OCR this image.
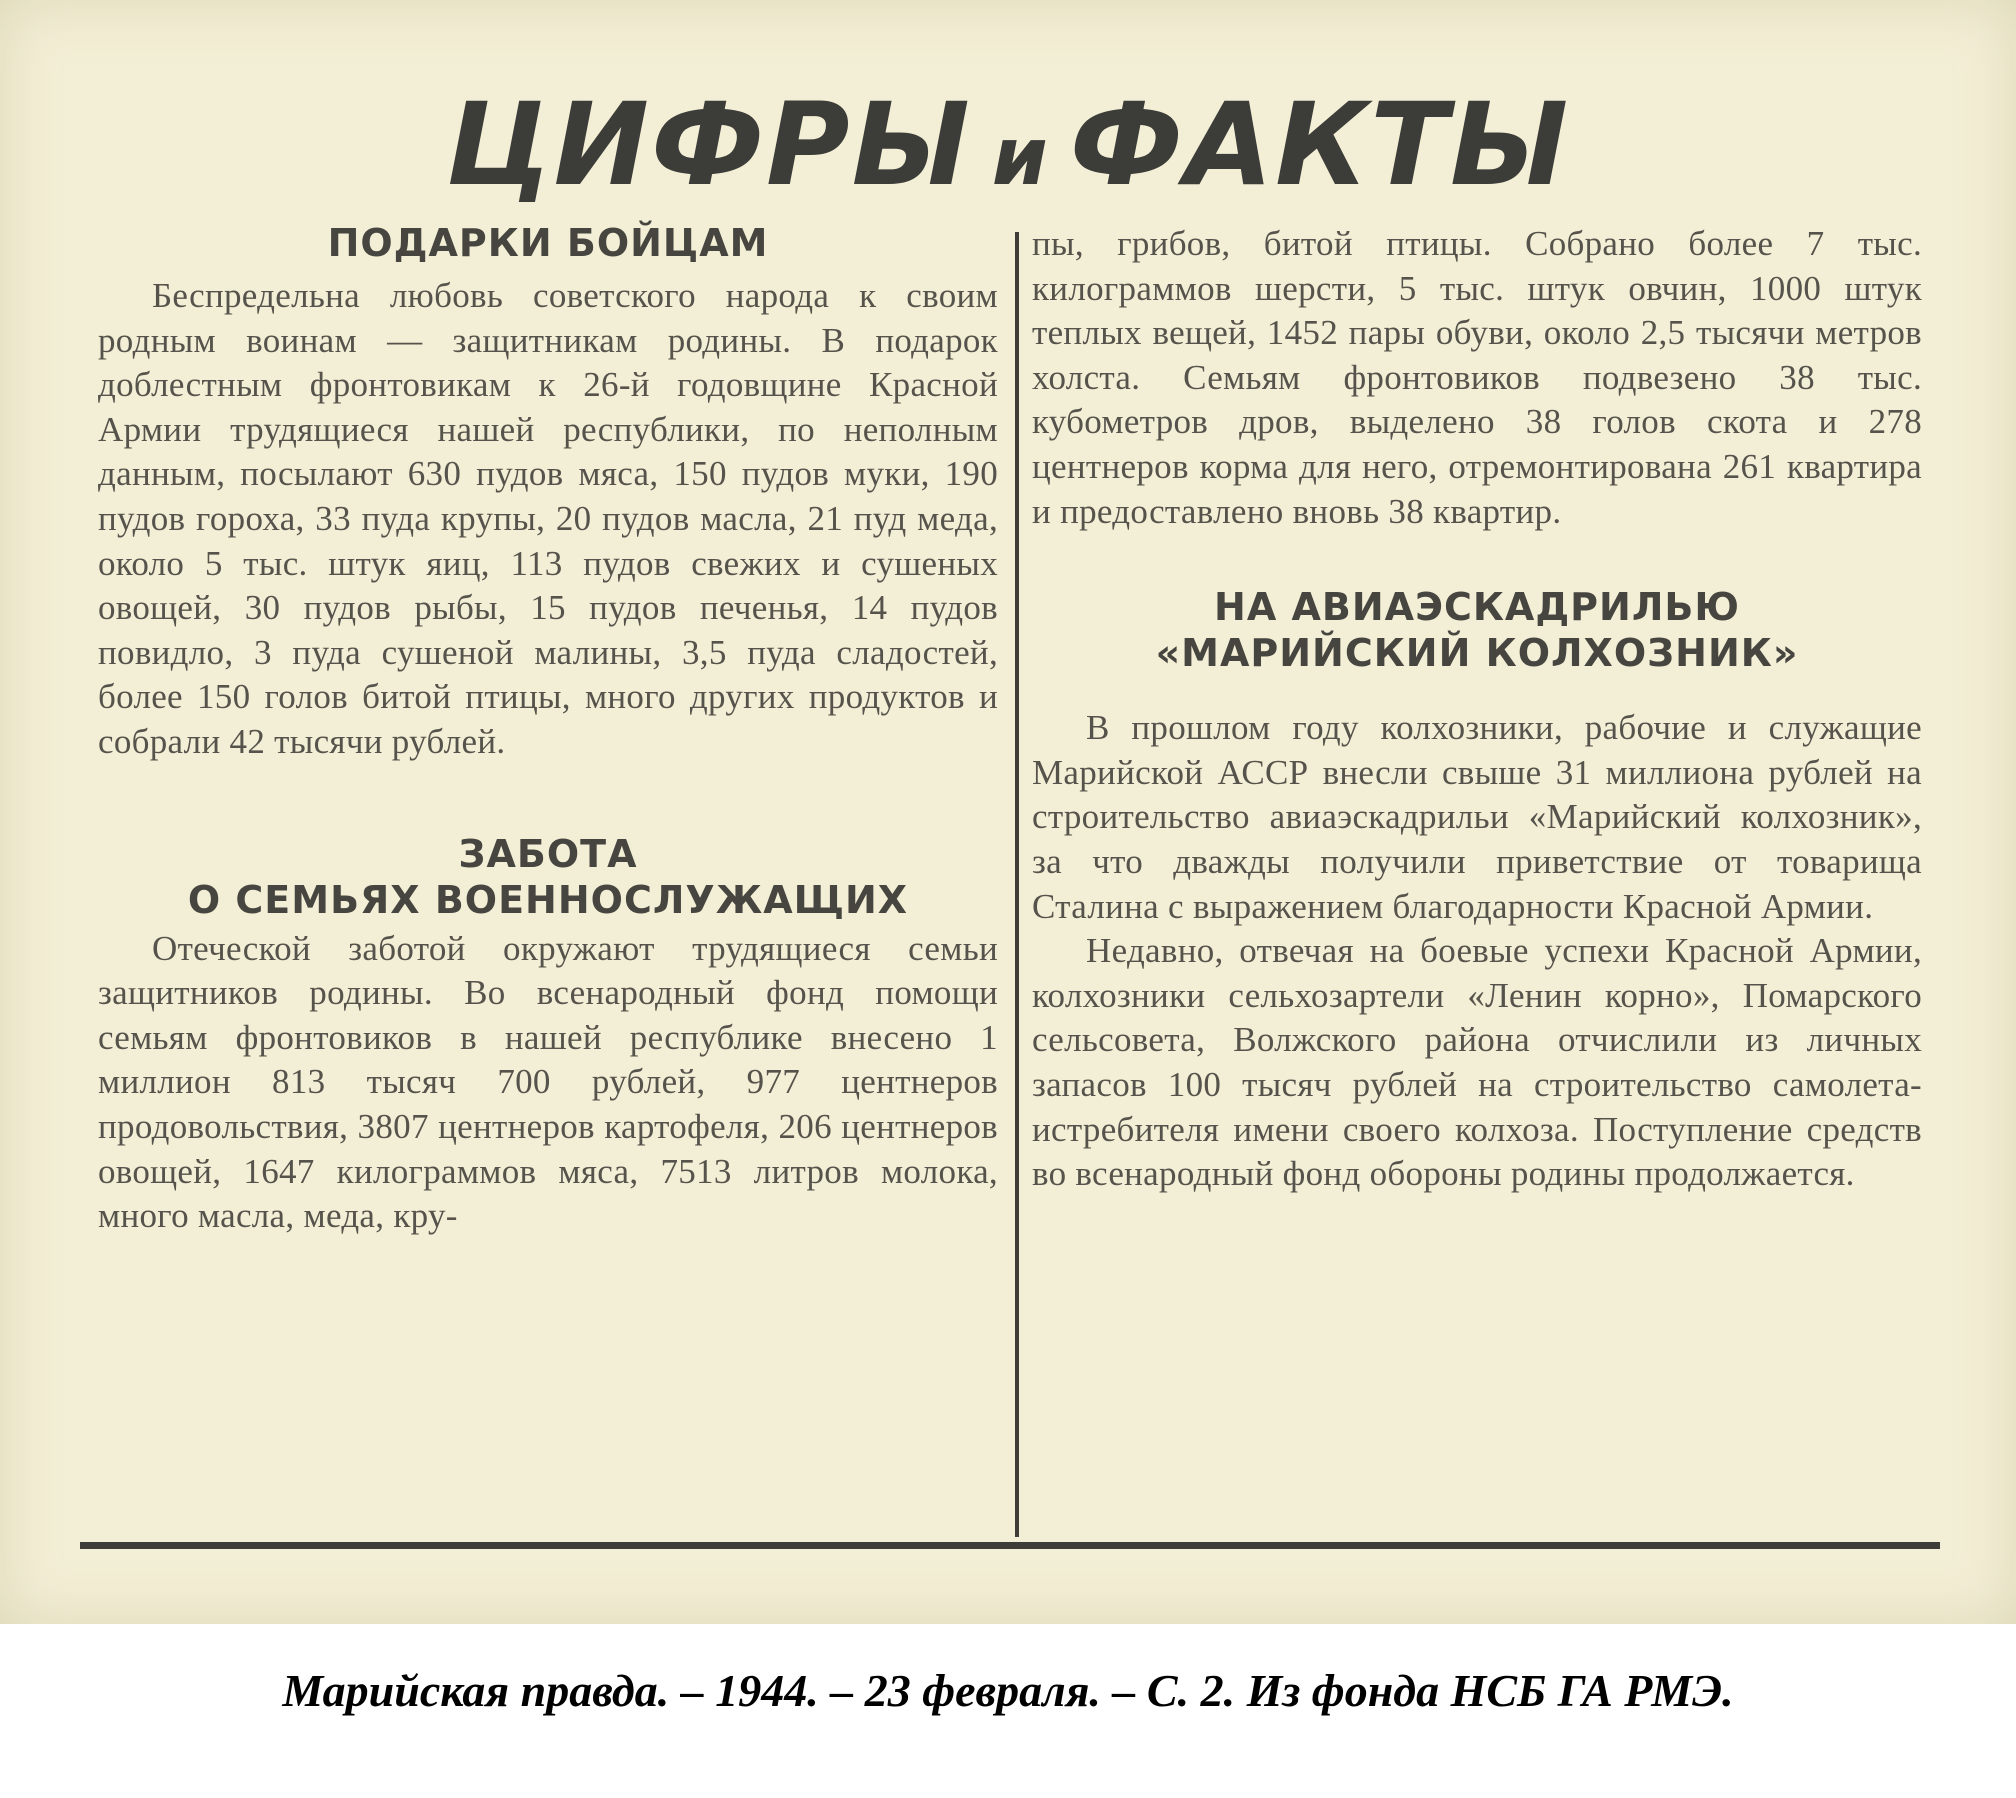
ЦИФРЫ и ФАКТЫ
ПОДАРКИ БОЙЦАМ

Беспредельна любовь советского народа к своим родным воинам — защитникам родины. В подарок доблестным фронтовикам к 26-й годовщине Красной Армии трудящиеся нашей республики, по неполным данным, посылают 630 пудов мяса, 150 пудов муки, 190 пудов гороха, 33 пуда крупы, 20 пудов масла, 21 пуд меда, около 5 тыс. штук яиц, 113 пудов свежих и сушеных овощей, 30 пудов рыбы, 15 пудов печенья, 14 пудов повидло, 3 пуда сушеной малины, 3,5 пуда сладостей, более 150 голов битой птицы, много других продуктов и собрали 42 тысячи рублей.

ЗАБОТА
О СЕМЬЯХ ВОЕННОСЛУЖАЩИХ

Отеческой заботой окружают трудящиеся семьи защитников родины. Во всенародный фонд помощи семьям фронтовиков в нашей республике внесено 1 миллион 813 тысяч 700 рублей, 977 центнеров продовольствия, 3807 центнеров картофеля, 206 центнеров овощей, 1647 килограммов мяса, 7513 литров молока, много масла, меда, кру-

пы, грибов, битой птицы. Собрано более 7 тыс. килограммов шерсти, 5 тыс. штук овчин, 1000 штук теплых вещей, 1452 пары обуви, около 2,5 тысячи метров холста. Семьям фронтовиков подвезено 38 тыс. кубометров дров, выделено 38 голов скота и 278 центнеров корма для него, отремонтирована 261 квартира и предоставлено вновь 38 квартир.

НА АВИАЭСКАДРИЛЬЮ
«МАРИЙСКИЙ КОЛХОЗНИК»

В прошлом году колхозники, рабочие и служащие Марийской АССР внесли свыше 31 миллиона рублей на строительство авиаэскадрильи «Марийский колхозник», за что дважды получили приветствие от товарища Сталина с выражением благодарности Красной Армии.

Недавно, отвечая на боевые успехи Красной Армии, колхозники сельхозартели «Ленин корно», Помарского сельсовета, Волжского района отчислили из личных запасов 100 тысяч рублей на строительство самолета-истребителя имени своего колхоза. Поступление средств во всенародный фонд обороны родины продолжается.

Марийская правда. – 1944. – 23 февраля. – С. 2. Из фонда НСБ ГА РМЭ.
